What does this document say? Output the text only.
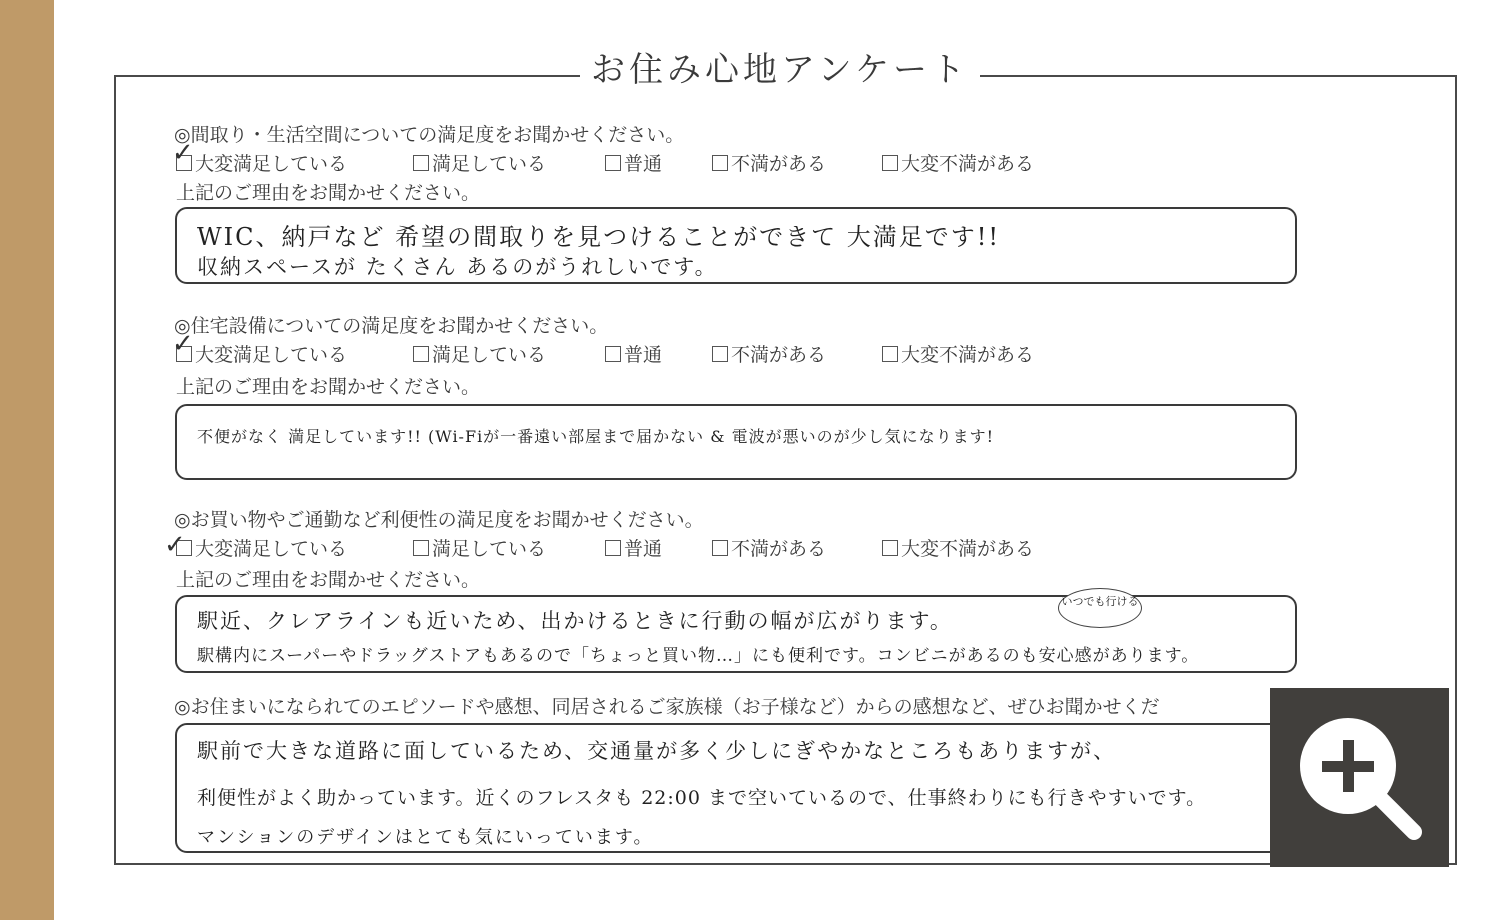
お住み心地アンケート
◎間取り・生活空間についての満足度をお聞かせください。
大変満足している	満足している	普通	不満がある	大変不満がある
✓
上記のご理由をお聞かせください。
WIC、納戸など 希望の間取りを見つけることができて 大満足です!!
収納スペースが たくさん あるのがうれしいです。
◎住宅設備についての満足度をお聞かせください。
大変満足している	満足している	普通	不満がある	大変不満がある
✓
上記のご理由をお聞かせください。
不便がなく 満足しています!! (Wi-Fiが一番遠い部屋まで届かない & 電波が悪いのが少し気になります!
◎お買い物やご通勤など利便性の満足度をお聞かせください。
大変満足している	満足している	普通	不満がある	大変不満がある
✓
上記のご理由をお聞かせください。
駅近、クレアラインも近いため、出かけるときに行動の幅が広がります。
駅構内にスーパーやドラッグストアもあるので「ちょっと買い物…」にも便利です。コンビニがあるのも安心感があります。
いつでも行ける
◎お住まいになられてのエピソードや感想、同居されるご家族様（お子様など）からの感想など、ぜひお聞かせくだ
駅前で大きな道路に面しているため、交通量が多く少しにぎやかなところもありますが、
利便性がよく助かっています。近くのフレスタも 22:00 まで空いているので、仕事終わりにも行きやすいです。
マンションのデザインはとても気にいっています。
